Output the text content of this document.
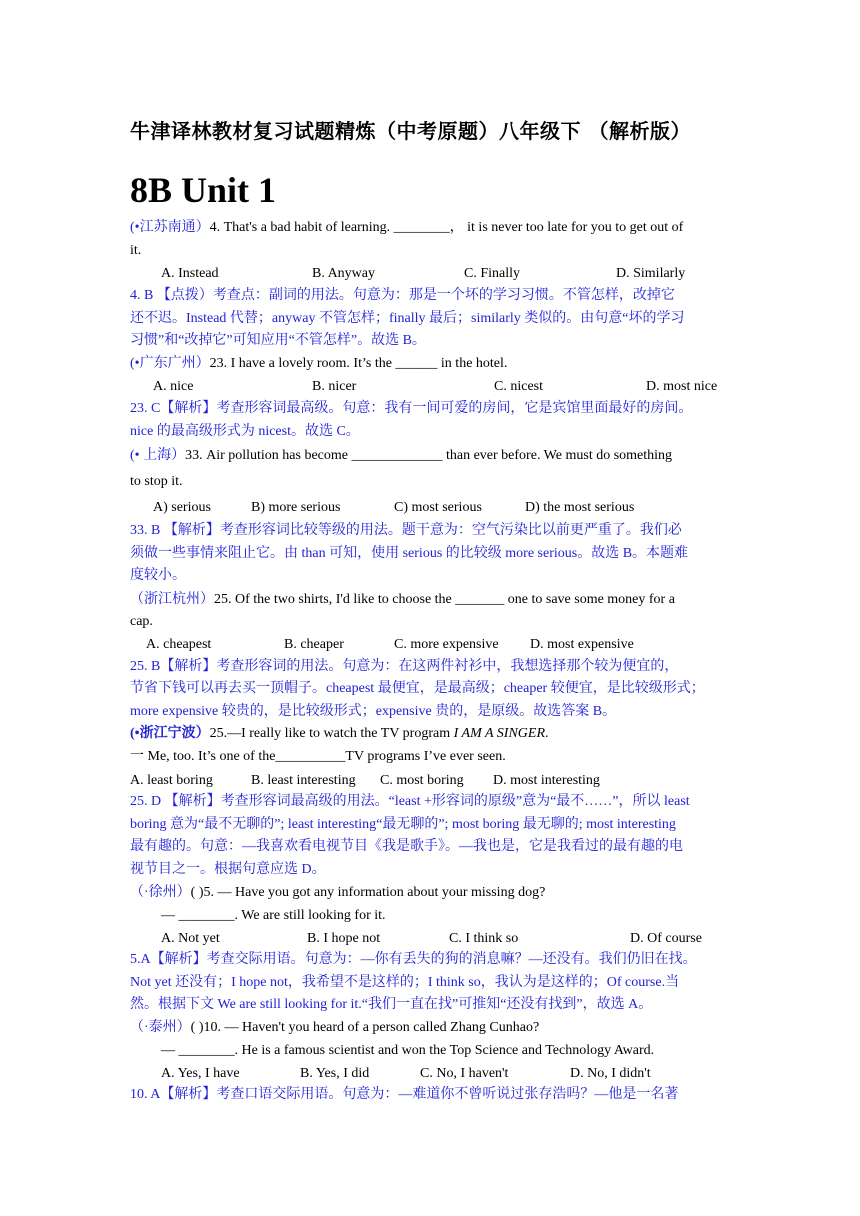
牛津译林教材复习试题精炼（中考原题）八年级下 （解析版）
8B Unit 1
(•江苏南通）4. That's a bad habit of learning. ________， it is never too late for you to get out of
it.
A. Instead	B. Anyway	C. Finally	D. Similarly
4. B 【点拨）考查点：副词的用法。句意为：那是一个坏的学习习惯。不管怎样，改掉它
还不迟。Instead 代替；anyway 不管怎样；finally 最后；similarly 类似的。由句意“坏的学习
习惯”和“改掉它”可知应用“不管怎样”。故选 B。
(•广东广州）23. I have a lovely room. It’s the ______ in the hotel.
A. nice	B. nicer	C. nicest	D. most nice
23. C【解析】考查形容词最高级。句意：我有一间可爱的房间，它是宾馆里面最好的房间。
nice 的最高级形式为 nicest。故选 C。
(• 上海）33. Air pollution has become _____________ than ever before. We must do something
to stop it.
A) serious	B) more serious	C) most serious	D) the most serious
33. B 【解析】考查形容词比较等级的用法。题干意为：空气污染比以前更严重了。我们必
须做一些事情来阻止它。由 than 可知，使用 serious 的比较级 more serious。故选 B。本题难
度较小。
（浙江杭州）25. Of the two shirts, I'd like to choose the _______ one to save some money for a
cap.
A. cheapest	B. cheaper	C. more expensive D. most expensive
25. B【解析】考查形容词的用法。句意为：在这两件衬衫中，我想选择那个较为便宜的，
节省下钱可以再去买一顶帽子。cheapest 最便宜，是最高级；cheaper 较便宜，是比较级形式；
more expensive 较贵的，是比较级形式；expensive 贵的，是原级。故选答案 B。
(•浙江宁波）25.—I really like to watch the TV program I AM A SINGER.
一 Me, too. It’s one of the__________TV programs I’ve ever seen.
A. least boring	B. least interesting C. most boring D. most interesting
25. D 【解析】考查形容词最高级的用法。“least +形容词的原级”意为“最不……”，所以 least
boring 意为“最不无聊的”; least interesting“最无聊的”; most boring 最无聊的; most interesting
最有趣的。句意：—我喜欢看电视节目《我是歌手》。—我也是，它是我看过的最有趣的电
视节目之一。根据句意应选 D。
（·徐州）( )5. — Have you got any information about your missing dog?
— ________. We are still looking for it.
A. Not yet	B. I hope not	C. I think so	D. Of course
5.A【解析】考查交际用语。句意为：—你有丢失的狗的消息嘛？—还没有。我们仍旧在找。
Not yet 还没有；I hope not，我希望不是这样的；I think so，我认为是这样的；Of course.当
然。根据下文 We are still looking for it.“我们一直在找”可推知“还没有找到”，故选 A。
（·泰州）( )10. — Haven't you heard of a person called Zhang Cunhao?
— ________. He is a famous scientist and won the Top Science and Technology Award.
A. Yes, I have	B. Yes, I did	C. No, I haven't	D. No, I didn't
10. A【解析】考查口语交际用语。句意为：—难道你不曾听说过张存浩吗？—他是一名著
